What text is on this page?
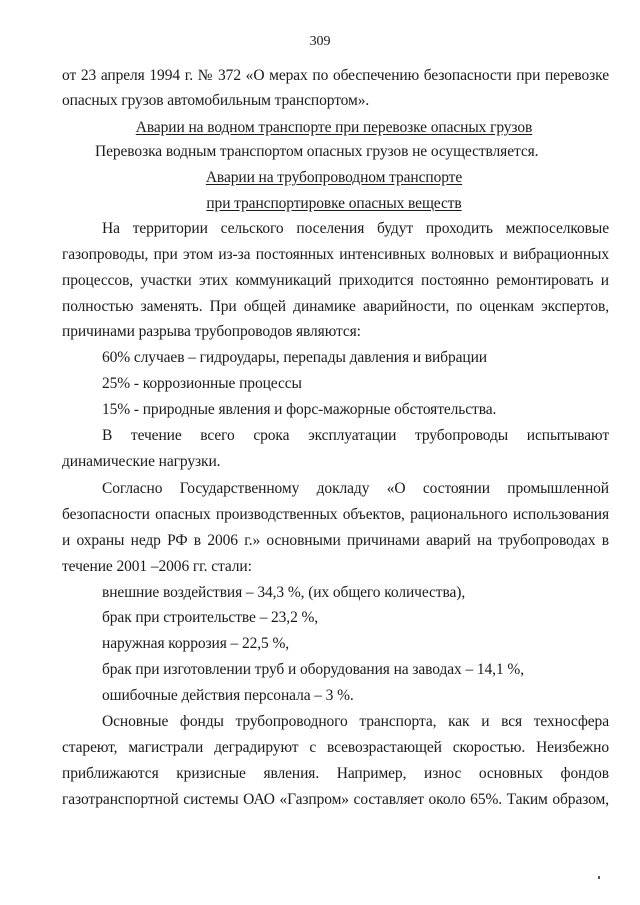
309
от 23 апреля 1994 г. № 372 «О мерах по обеспечению безопасности при перевозке
опасных грузов автомобильным транспортом».
Аварии на водном транспорте при перевозке опасных грузов
Перевозка водным транспортом опасных грузов не осуществляется.
Аварии на трубопроводном транспорте
при транспортировке опасных веществ
На территории сельского поселения будут проходить межпоселковые
газопроводы, при этом из-за постоянных интенсивных волновых и вибрационных
процессов, участки этих коммуникаций приходится постоянно ремонтировать и
полностью заменять. При общей динамике аварийности, по оценкам экспертов,
причинами разрыва трубопроводов являются:
60% случаев – гидроудары, перепады давления и вибрации
25% - коррозионные процессы
15% - природные явления и форс-мажорные обстоятельства.
В течение всего срока эксплуатации трубопроводы испытывают
динамические нагрузки.
Согласно Государственному докладу «О состоянии промышленной
безопасности опасных производственных объектов, рационального использования
и охраны недр РФ в 2006 г.» основными причинами аварий на трубопроводах в
течение 2001 –2006 гг. стали:
внешние воздействия – 34,3 %, (их общего количества),
брак при строительстве – 23,2 %,
наружная коррозия – 22,5 %,
брак при изготовлении труб и оборудования на заводах – 14,1 %,
ошибочные действия персонала – 3 %.
Основные фонды трубопроводного транспорта, как и вся техносфера
стареют, магистрали деградируют с всевозрастающей скоростью. Неизбежно
приближаются кризисные явления. Например, износ основных фондов
газотранспортной системы ОАО «Газпром» составляет около 65%. Таким образом,
